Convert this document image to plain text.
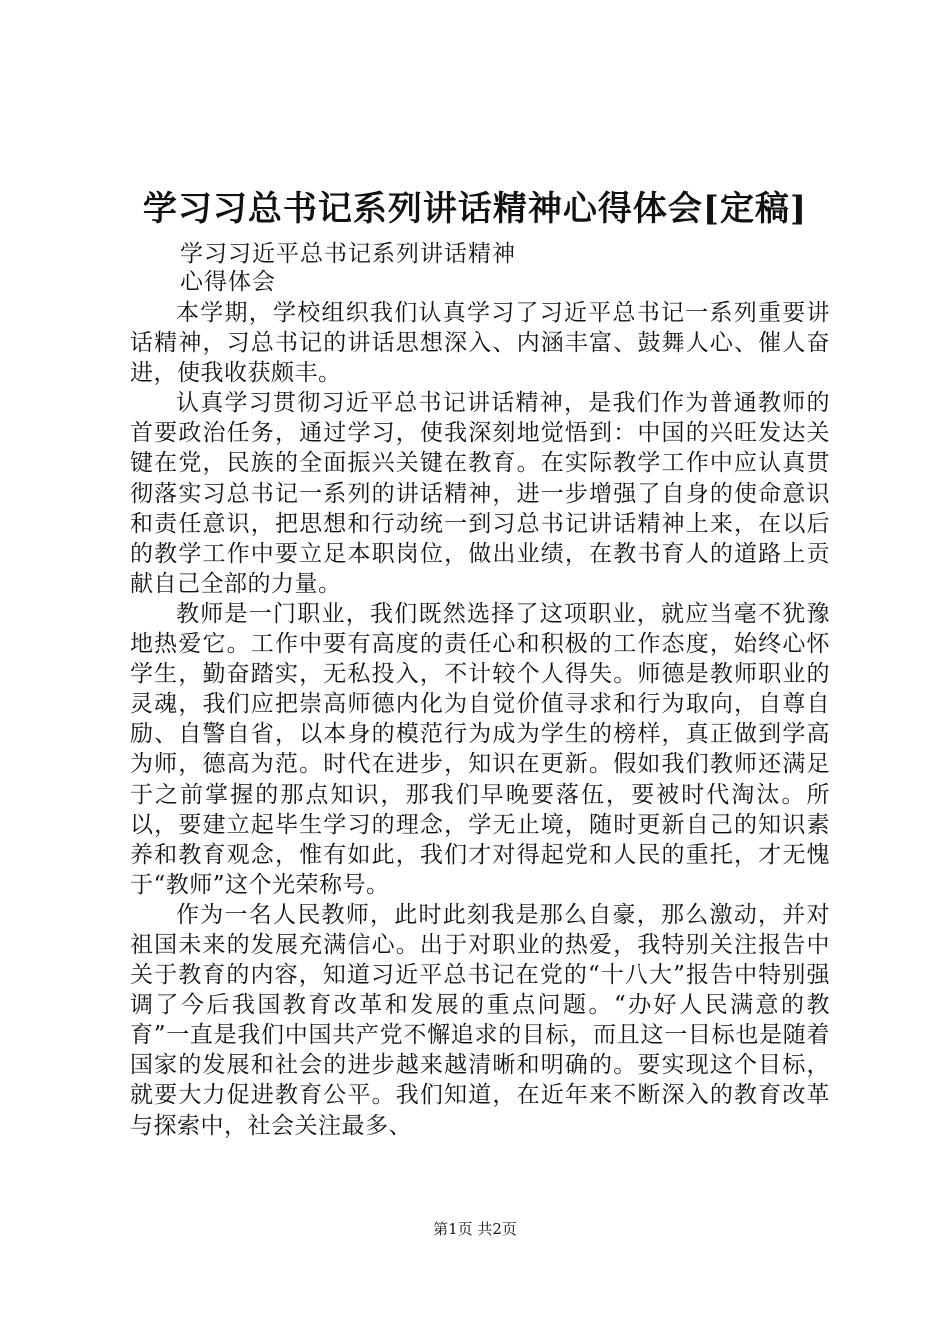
学习习总书记系列讲话精神心得体会[定稿]
学习习近平总书记系列讲话精神
心得体会

本学期，学校组织我们认真学习了习近平总书记一系列重要讲话精神，习总书记的讲话思想深入、内涵丰富、鼓舞人心、催人奋进，使我收获颇丰。

认真学习贯彻习近平总书记讲话精神，是我们作为普通教师的首要政治任务，通过学习，使我深刻地觉悟到：中国的兴旺发达关键在党，民族的全面振兴关键在教育。在实际教学工作中应认真贯彻落实习总书记一系列的讲话精神，进一步增强了自身的使命意识和责任意识，把思想和行动统一到习总书记讲话精神上来，在以后的教学工作中要立足本职岗位，做出业绩，在教书育人的道路上贡献自己全部的力量。

教师是一门职业，我们既然选择了这项职业，就应当毫不犹豫地热爱它。工作中要有高度的责任心和积极的工作态度，始终心怀学生，勤奋踏实，无私投入，不计较个人得失。师德是教师职业的灵魂，我们应把崇高师德内化为自觉价值寻求和行为取向，自尊自励、自警自省，以本身的模范行为成为学生的榜样，真正做到学高为师，德高为范。时代在进步，知识在更新。假如我们教师还满足于之前掌握的那点知识，那我们早晚要落伍，要被时代淘汰。所以，要建立起毕生学习的理念，学无止境，随时更新自己的知识素养和教育观念，惟有如此，我们才对得起党和人民的重托，才无愧于“教师”这个光荣称号。

作为一名人民教师，此时此刻我是那么自豪，那么激动，并对祖国未来的发展充满信心。出于对职业的热爱，我特别关注报告中关于教育的内容，知道习近平总书记在党的“十八大”报告中特别强调了今后我国教育改革和发展的重点问题。“办好人民满意的教育”一直是我们中国共产党不懈追求的目标，而且这一目标也是随着国家的发展和社会的进步越来越清晰和明确的。要实现这个目标，就要大力促进教育公平。我们知道，在近年来不断深入的教育改革与探索中，社会关注最多、

第1页 共2页
